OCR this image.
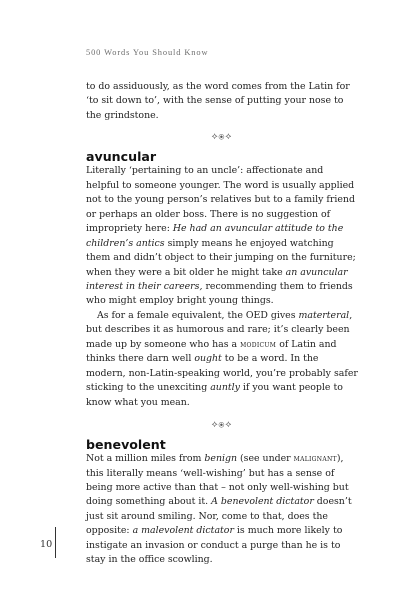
500 Words You Should Know

to do assiduously, as the word comes from the Latin for ‘to sit down to’, with the sense of putting your nose to the grindstone.

⟡⦿⟡
avuncular

Literally ‘pertaining to an uncle’: affectionate and helpful to someone younger. The word is usually applied not to the young person’s relatives but to a family friend or perhaps an older boss. There is no suggestion of impropriety here: He had an avuncular attitude to the children’s antics simply means he enjoyed watching them and didn’t object to their jumping on the furniture; when they were a bit older he might take an avuncular interest in their careers, recommending them to friends who might employ bright young things.

As for a female equivalent, the OED gives materteral, but describes it as humorous and rare; it’s clearly been made up by someone who has a modicum of Latin and thinks there darn well ought to be a word. In the modern, non-Latin-speaking world, you’re probably safer sticking to the unexciting auntly if you want people to know what you mean.

⟡⦿⟡
benevolent

Not a million miles from benign (see under malignant), this literally means ‘well-wishing’ but has a sense of being more active than that – not only well-wishing but doing something about it. A benevolent dictator doesn’t just sit around smiling. Nor, come to that, does the opposite: a malevolent dictator is much more likely to instigate an invasion or conduct a purge than he is to stay in the office scowling.

10
